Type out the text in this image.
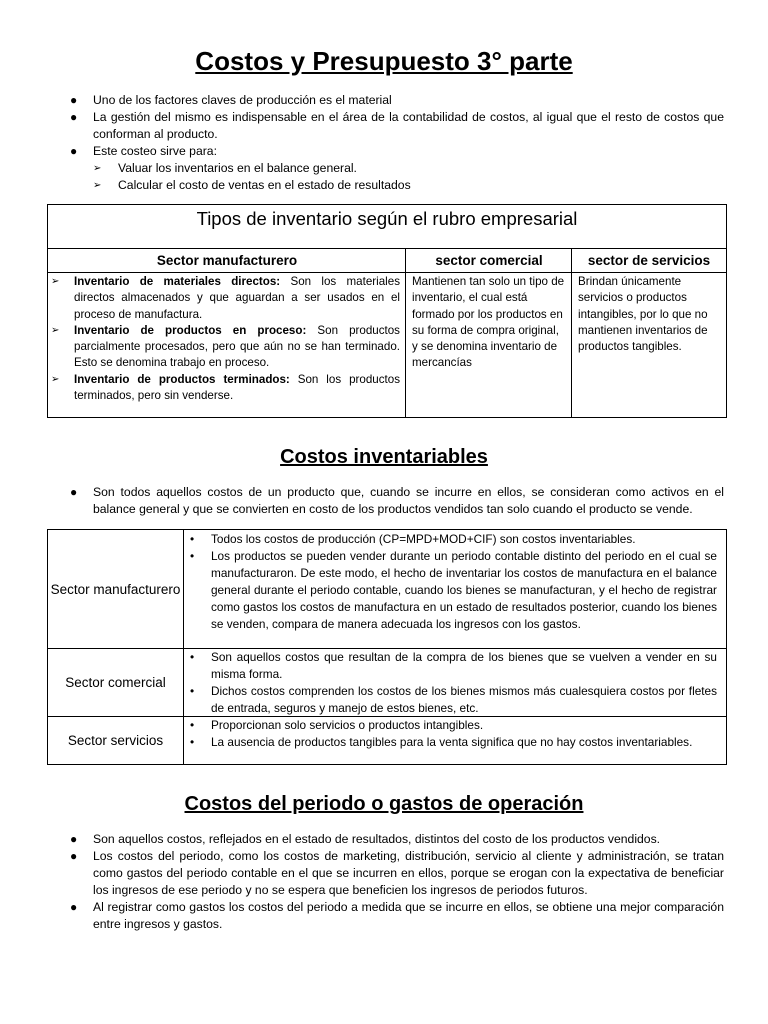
Costos y Presupuesto 3° parte
● Uno de los factores claves de producción es el material
● La gestión del mismo es indispensable en el área de la contabilidad de costos, al igual que el resto de costos que conforman al producto.
● Este costeo sirve para:
➢ Valuar los inventarios en el balance general.
➢ Calcular el costo de ventas en el estado de resultados
Tipos de inventario según el rubro empresarial
Sector manufacturero	sector comercial	sector de servicios
➢ Inventario de materiales directos: Son los materiales directos almacenados y que aguardan a ser usados en el proceso de manufactura.
➢ Inventario de productos en proceso: Son productos parcialmente procesados, pero que aún no se han terminado. Esto se denomina trabajo en proceso.
➢ Inventario de productos terminados: Son los productos terminados, pero sin venderse.
Mantienen tan solo un tipo de inventario, el cual está formado por los productos en su forma de compra original, y se denomina inventario de mercancías
Brindan únicamente servicios o productos intangibles, por lo que no mantienen inventarios de productos tangibles.
Costos inventariables
● Son todos aquellos costos de un producto que, cuando se incurre en ellos, se consideran como activos en el balance general y que se convierten en costo de los productos vendidos tan solo cuando el producto se vende.
Sector manufacturero
• Todos los costos de producción (CP=MPD+MOD+CIF) son costos inventariables.
• Los productos se pueden vender durante un periodo contable distinto del periodo en el cual se manufacturaron. De este modo, el hecho de inventariar los costos de manufactura en el balance general durante el periodo contable, cuando los bienes se manufacturan, y el hecho de registrar como gastos los costos de manufactura en un estado de resultados posterior, cuando los bienes se venden, compara de manera adecuada los ingresos con los gastos.
Sector comercial
• Son aquellos costos que resultan de la compra de los bienes que se vuelven a vender en su misma forma.
• Dichos costos comprenden los costos de los bienes mismos más cualesquiera costos por fletes de entrada, seguros y manejo de estos bienes, etc.
Sector servicios
• Proporcionan solo servicios o productos intangibles.
• La ausencia de productos tangibles para la venta significa que no hay costos inventariables.
Costos del periodo o gastos de operación
● Son aquellos costos, reflejados en el estado de resultados, distintos del costo de los productos vendidos.
● Los costos del periodo, como los costos de marketing, distribución, servicio al cliente y administración, se tratan como gastos del periodo contable en el que se incurren en ellos, porque se erogan con la expectativa de beneficiar los ingresos de ese periodo y no se espera que beneficien los ingresos de periodos futuros.
● Al registrar como gastos los costos del periodo a medida que se incurre en ellos, se obtiene una mejor comparación entre ingresos y gastos.
